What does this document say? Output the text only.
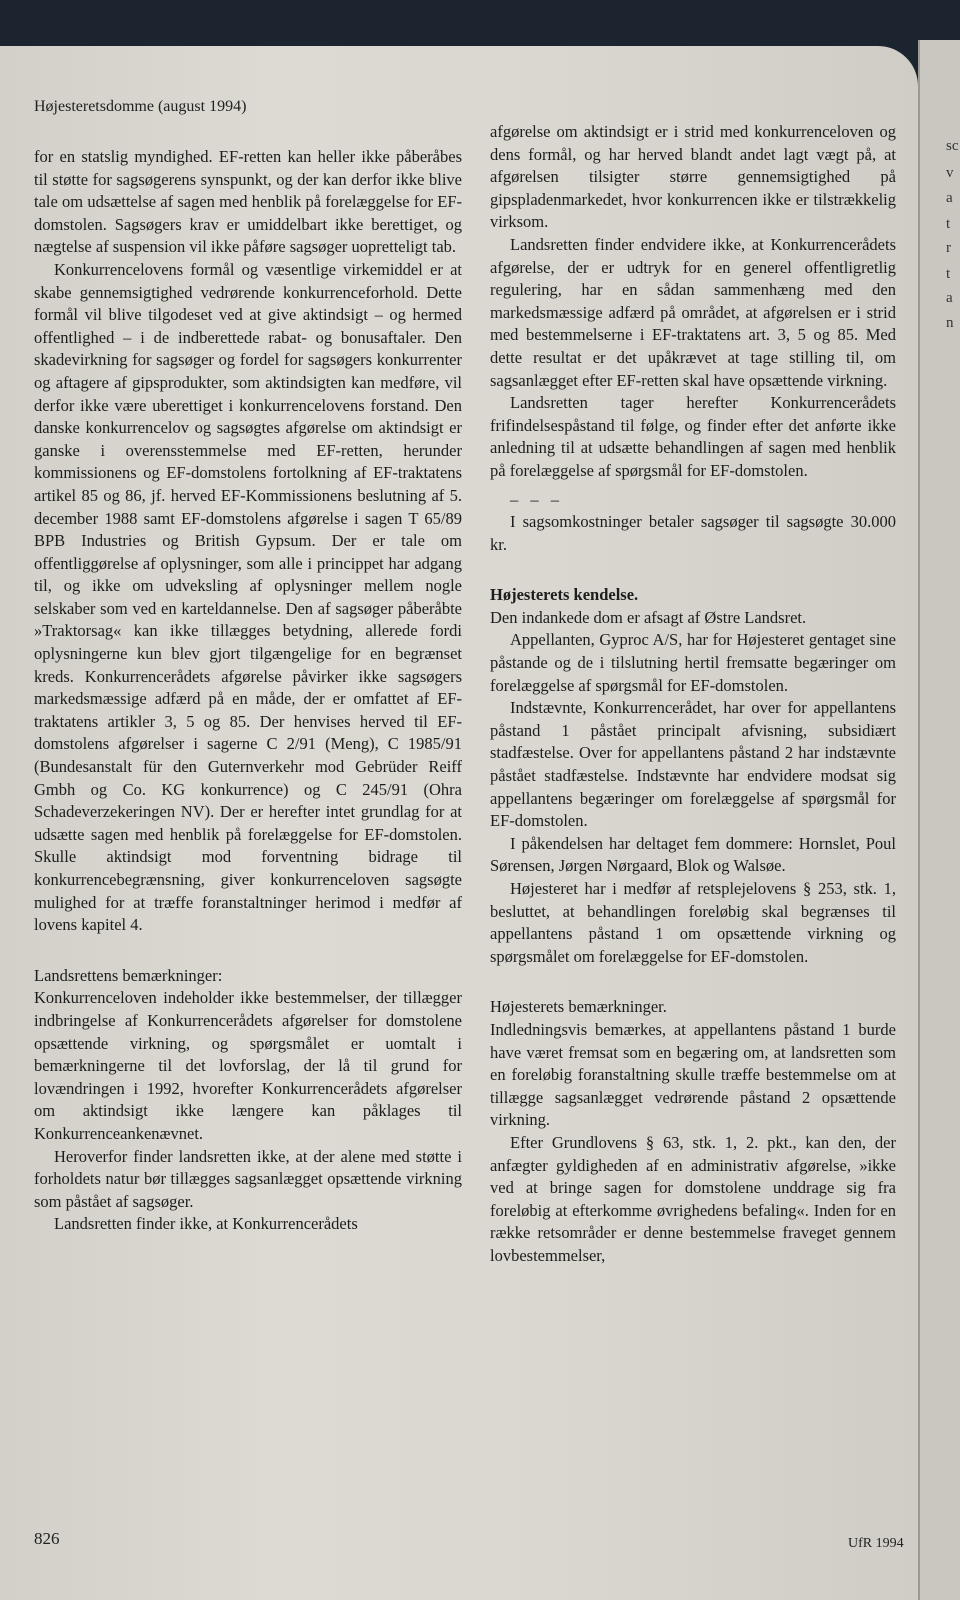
Højesteretsdomme (august 1994)

for en statslig myndighed. EF-retten kan heller ikke påberåbes til støtte for sagsøgerens synspunkt, og der kan derfor ikke blive tale om udsættelse af sagen med henblik på forelæggelse for EF-domstolen. Sagsøgers krav er umiddelbart ikke berettiget, og nægtelse af suspension vil ikke påføre sagsøger uopretteligt tab.

Konkurrencelovens formål og væsentlige virkemiddel er at skabe gennemsigtighed vedrørende konkurrenceforhold. Dette formål vil blive tilgodeset ved at give aktindsigt – og hermed offentlighed – i de indberettede rabat- og bonusaftaler. Den skadevirkning for sagsøger og fordel for sagsøgers konkurrenter og aftagere af gipsprodukter, som aktindsigten kan medføre, vil derfor ikke være uberettiget i konkurrencelovens forstand. Den danske konkurrencelov og sagsøgtes afgørelse om aktindsigt er ganske i overensstemmelse med EF-retten, herunder kommissionens og EF-domstolens fortolkning af EF-traktatens artikel 85 og 86, jf. herved EF-Kommissionens beslutning af 5. december 1988 samt EF-domstolens afgørelse i sagen T 65/89 BPB Industries og British Gypsum. Der er tale om offentliggørelse af oplysninger, som alle i princippet har adgang til, og ikke om udveksling af oplysninger mellem nogle selskaber som ved en karteldannelse. Den af sagsøger påberåbte »Traktorsag« kan ikke tillægges betydning, allerede fordi oplysningerne kun blev gjort tilgængelige for en begrænset kreds. Konkurrencerådets afgørelse påvirker ikke sagsøgers markedsmæssige adfærd på en måde, der er omfattet af EF-traktatens artikler 3, 5 og 85. Der henvises herved til EF-domstolens afgørelser i sagerne C 2/91 (Meng), C 1985/91 (Bundesanstalt für den Guternverkehr mod Gebrüder Reiff Gmbh og Co. KG konkurrence) og C 245/91 (Ohra Schadeverzekeringen NV). Der er herefter intet grundlag for at udsætte sagen med henblik på forelæggelse for EF-domstolen. Skulle aktindsigt mod forventning bidrage til konkurrencebegrænsning, giver konkurrenceloven sagsøgte mulighed for at træffe foranstaltninger herimod i medfør af lovens kapitel 4.

Landsrettens bemærkninger:

Konkurrenceloven indeholder ikke bestemmelser, der tillægger indbringelse af Konkurrencerådets afgørelser for domstolene opsættende virkning, og spørgsmålet er uomtalt i bemærkningerne til det lovforslag, der lå til grund for lovændringen i 1992, hvorefter Konkurrencerådets afgørelser om aktindsigt ikke længere kan påklages til Konkurrenceankenævnet.

Heroverfor finder landsretten ikke, at der alene med støtte i forholdets natur bør tillægges sagsanlægget opsættende virkning som påstået af sagsøger.

Landsretten finder ikke, at Konkurrencerådets

afgørelse om aktindsigt er i strid med konkurrenceloven og dens formål, og har herved blandt andet lagt vægt på, at afgørelsen tilsigter større gennemsigtighed på gipspladenmarkedet, hvor konkurrencen ikke er tilstrækkelig virksom.

Landsretten finder endvidere ikke, at Konkurrencerådets afgørelse, der er udtryk for en generel offentligretlig regulering, har en sådan sammenhæng med den markedsmæssige adfærd på området, at afgørelsen er i strid med bestemmelserne i EF-traktatens art. 3, 5 og 85. Med dette resultat er det upåkrævet at tage stilling til, om sagsanlægget efter EF-retten skal have opsættende virkning.

Landsretten tager herefter Konkurrencerådets frifindelsespåstand til følge, og finder efter det anførte ikke anledning til at udsætte behandlingen af sagen med henblik på forelæggelse af spørgsmål for EF-domstolen.

– – –

I sagsomkostninger betaler sagsøger til sagsøgte 30.000 kr.

Højesterets kendelse.

Den indankede dom er afsagt af Østre Landsret.

Appellanten, Gyproc A/S, har for Højesteret gentaget sine påstande og de i tilslutning hertil fremsatte begæringer om forelæggelse af spørgsmål for EF-domstolen.

Indstævnte, Konkurrencerådet, har over for appellantens påstand 1 påstået principalt afvisning, subsidiært stadfæstelse. Over for appellantens påstand 2 har indstævnte påstået stadfæstelse. Indstævnte har endvidere modsat sig appellantens begæringer om forelæggelse af spørgsmål for EF-domstolen.

I påkendelsen har deltaget fem dommere: Hornslet, Poul Sørensen, Jørgen Nørgaard, Blok og Walsøe.

Højesteret har i medfør af retsplejelovens § 253, stk. 1, besluttet, at behandlingen foreløbig skal begrænses til appellantens påstand 1 om opsættende virkning og spørgsmålet om forelæggelse for EF-domstolen.

Højesterets bemærkninger.

Indledningsvis bemærkes, at appellantens påstand 1 burde have været fremsat som en begæring om, at landsretten som en foreløbig foranstaltning skulle træffe bestemmelse om at tillægge sagsanlægget vedrørende påstand 2 opsættende virkning.

Efter Grundlovens § 63, stk. 1, 2. pkt., kan den, der anfægter gyldigheden af en administrativ afgørelse, »ikke ved at bringe sagen for domstolene unddrage sig fra foreløbig at efterkomme øvrighedens befaling«. Inden for en række retsområder er denne bestemmelse fraveget gennem lovbestemmelser,

826	UfR 1994
sc
v
a
t
r
t
a
n
